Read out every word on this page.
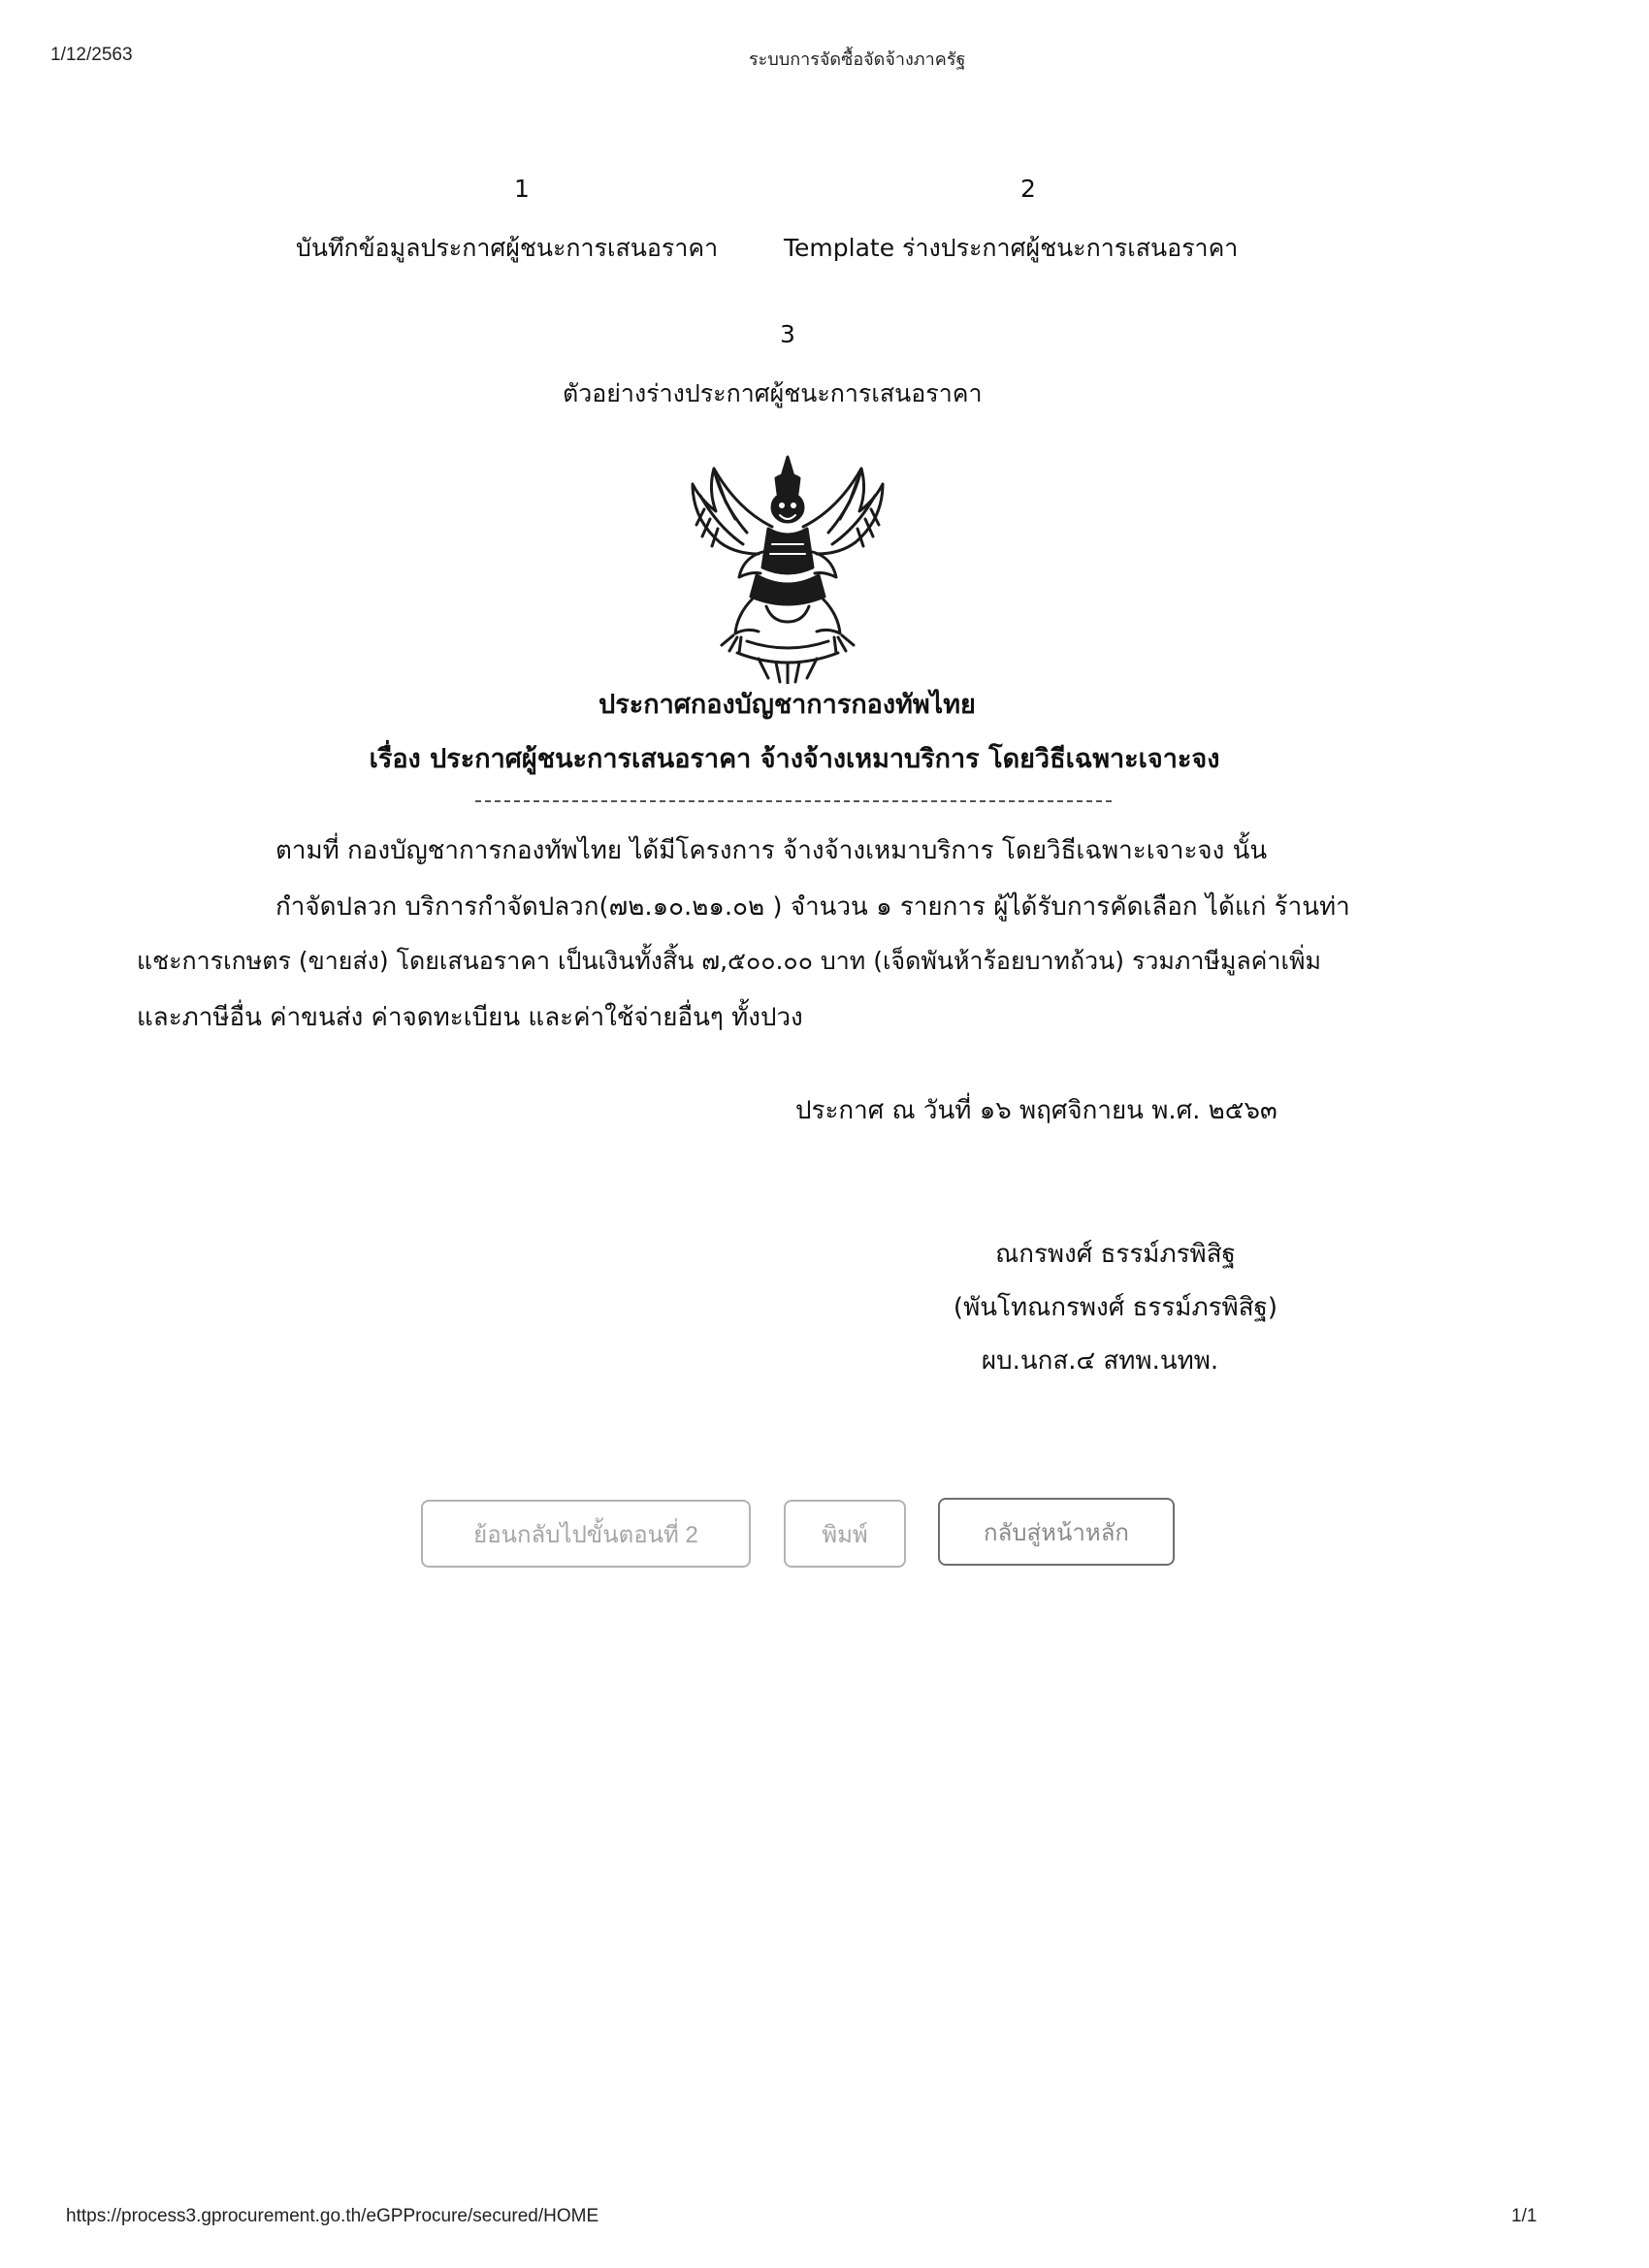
1/12/2563	ระบบการจัดซื้อจัดจ้างภาครัฐ
1	2
บันทึกข้อมูลประกาศผู้ชนะการเสนอราคา	Template ร่างประกาศผู้ชนะการเสนอราคา
3
ตัวอย่างร่างประกาศผู้ชนะการเสนอราคา
ประกาศกองบัญชาการกองทัพไทย
เรื่อง ประกาศผู้ชนะการเสนอราคา จ้างจ้างเหมาบริการ โดยวิธีเฉพาะเจาะจง
ตามที่ กองบัญชาการกองทัพไทย ได้มีโครงการ จ้างจ้างเหมาบริการ โดยวิธีเฉพาะเจาะจง นั้น
กำจัดปลวก บริการกำจัดปลวก(๗๒.๑๐.๒๑.๐๒ ) จำนวน ๑ รายการ ผู้ได้รับการคัดเลือก ได้แก่ ร้านท่า
แชะการเกษตร (ขายส่ง) โดยเสนอราคา เป็นเงินทั้งสิ้น ๗,๕๐๐.๐๐ บาท (เจ็ดพันห้าร้อยบาทถ้วน) รวมภาษีมูลค่าเพิ่ม
และภาษีอื่น ค่าขนส่ง ค่าจดทะเบียน และค่าใช้จ่ายอื่นๆ ทั้งปวง
ประกาศ ณ วันที่ ๑๖ พฤศจิกายน พ.ศ. ๒๕๖๓
ณกรพงศ์ ธรรม์ภรพิสิฐ
(พันโทณกรพงศ์ ธรรม์ภรพิสิฐ)
ผบ.นกส.๔ สทพ.นทพ.
ย้อนกลับไปขั้นตอนที่ 2	พิมพ์	กลับสู่หน้าหลัก
https://process3.gprocurement.go.th/eGPProcure/secured/HOME	1/1
